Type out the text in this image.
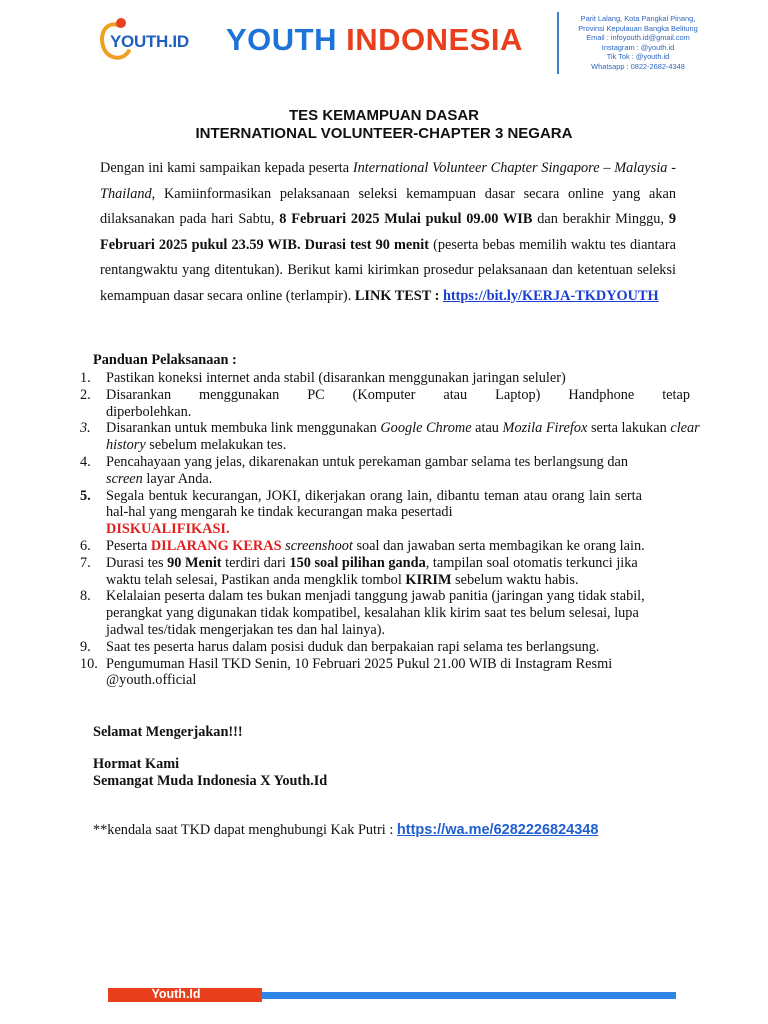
YOUTH.ID YOUTH INDONESIA
Parit Lalang, Kota Pangkal Pinang,
Provinsi Kepulauan Bangka Belitung
Email : infoyouth.id@gmail.com
Instagram : @youth.id
Tik Tok : @youth.id
Whatsapp : 0822-2682-4348
TES KEMAMPUAN DASAR
INTERNATIONAL VOLUNTEER-CHAPTER 3 NEGARA
Dengan ini kami sampaikan kepada peserta International Volunteer Chapter Singapore – Malaysia - Thailand, Kamiinformasikan pelaksanaan seleksi kemampuan dasar secara online yang akan dilaksanakan pada hari Sabtu, 8 Februari 2025 Mulai pukul 09.00 WIB dan berakhir Minggu, 9 Februari 2025 pukul 23.59 WIB. Durasi test 90 menit (peserta bebas memilih waktu tes diantara rentangwaktu yang ditentukan). Berikut kami kirimkan prosedur pelaksanaan dan ketentuan seleksi kemampuan dasar secara online (terlampir). LINK TEST : https://bit.ly/KERJA-TKDYOUTH
Panduan Pelaksanaan :
1.	Pastikan koneksi internet anda stabil (disarankan menggunakan jaringan seluler)
2.	Disarankan menggunakan PC (Komputer atau Laptop) Handphone tetap
diperbolehkan.
3.	Disarankan untuk membuka link menggunakan Google Chrome atau Mozila Firefox serta lakukan clear history sebelum melakukan tes.
4.	Pencahayaan yang jelas, dikarenakan untuk perekaman gambar selama tes berlangsung dan screen layar Anda.
5.	Segala bentuk kecurangan, JOKI, dikerjakan orang lain, dibantu teman atau orang lain serta hal-hal yang mengarah ke tindak kecurangan maka pesertadi
DISKUALIFIKASI.
6.	Peserta DILARANG KERAS screenshoot soal dan jawaban serta membagikan ke orang lain.
7.	Durasi tes 90 Menit terdiri dari 150 soal pilihan ganda, tampilan soal otomatis terkunci jika waktu telah selesai, Pastikan anda mengklik tombol KIRIM sebelum waktu habis.
8.	Kelalaian peserta dalam tes bukan menjadi tanggung jawab panitia (jaringan yang tidak stabil, perangkat yang digunakan tidak kompatibel, kesalahan klik kirim saat tes belum selesai, lupa jadwal tes/tidak mengerjakan tes dan hal lainya).
9.	Saat tes peserta harus dalam posisi duduk dan berpakaian rapi selama tes berlangsung.
10. Pengumuman Hasil TKD Senin, 10 Februari 2025 Pukul 21.00 WIB di Instagram Resmi @youth.official
Selamat Mengerjakan!!!
Hormat Kami
Semangat Muda Indonesia X Youth.Id
**kendala saat TKD dapat menghubungi Kak Putri : https://wa.me/6282226824348
Youth.Id
